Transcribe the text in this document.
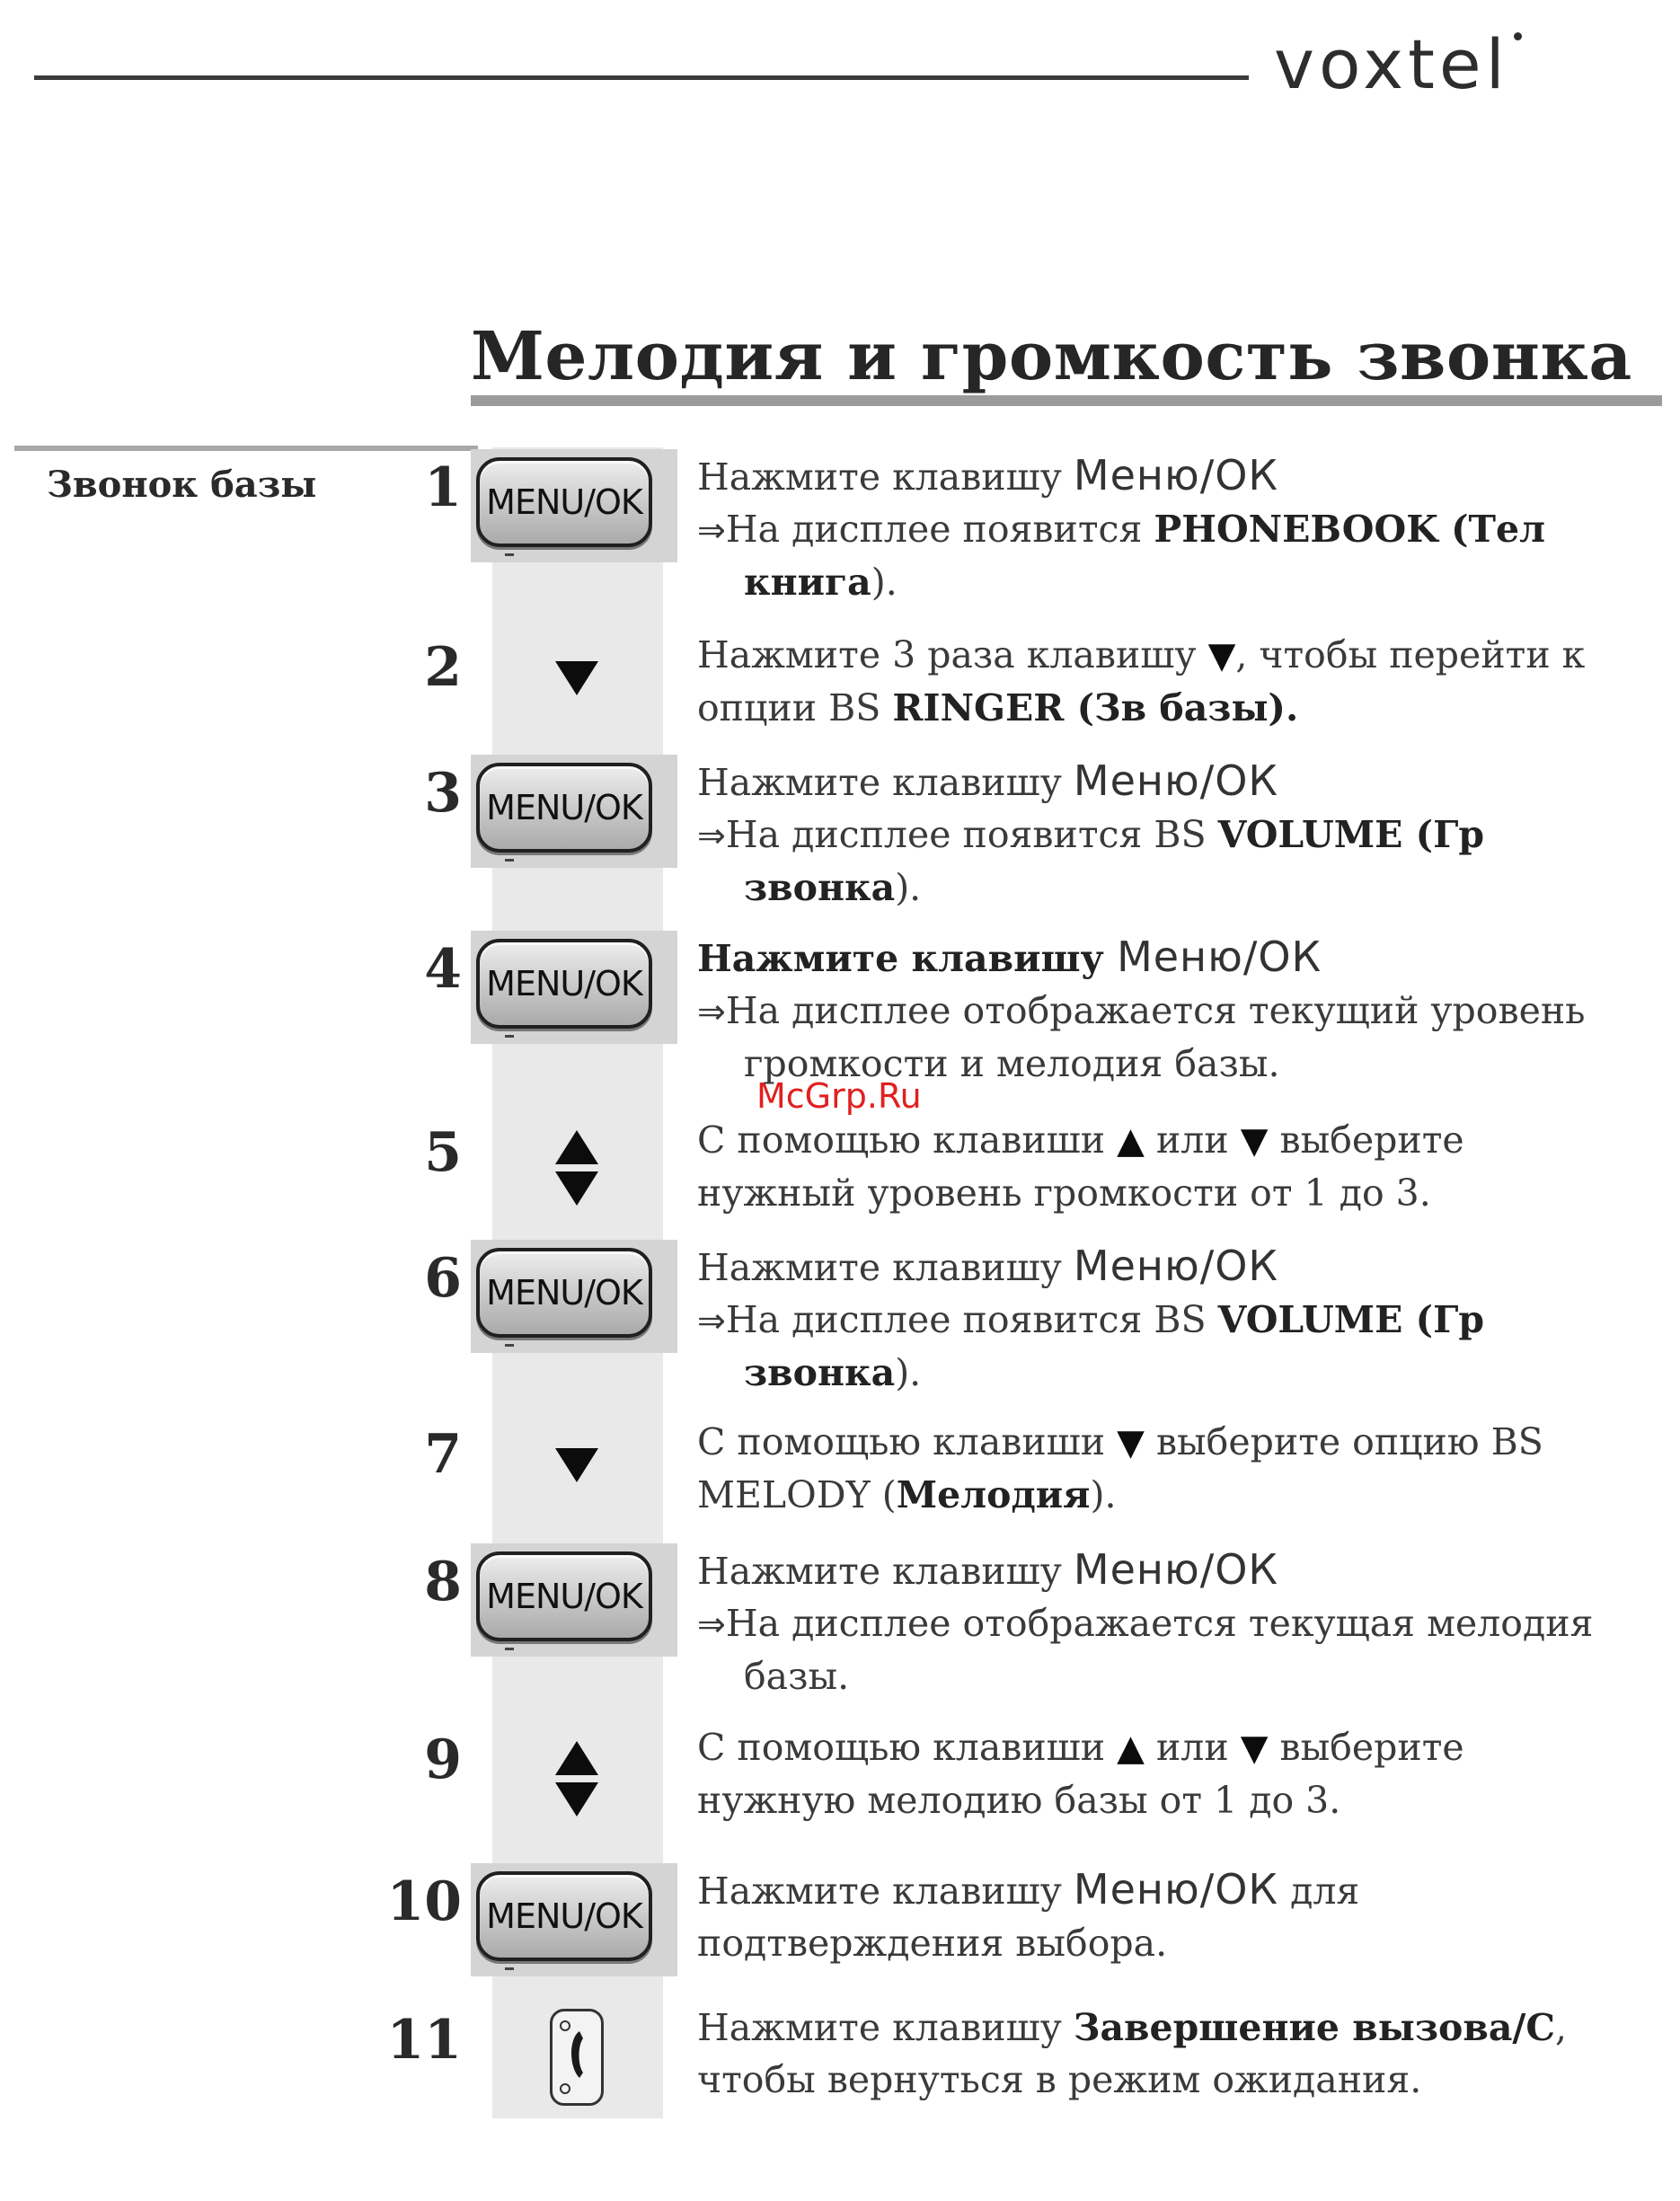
voxtel
Мелодия и громкость звонка
Звонок базы
McGrp.Ru
1 MENU/OK
Нажмите клавишу Меню/ОК
⇒На дисплее появится PHONEBOOK (Тел
книга).
2	Нажмите 3 раза клавишу ▼, чтобы перейти к
опции BS RINGER (Зв базы).
3 MENU/OK
Нажмите клавишу Меню/ОК
⇒На дисплее появится BS VOLUME (Гр
звонка).
4 MENU/OK
Нажмите клавишу Меню/ОК
⇒На дисплее отображается текущий уровень
громкости и мелодия базы.
5	С помощью клавиши ▲ или ▼ выберите
нужный уровень громкости от 1 до 3.
6 MENU/OK
Нажмите клавишу Меню/ОК
⇒На дисплее появится BS VOLUME (Гр
звонка).
7	С помощью клавиши ▼ выберите опцию BS
MELODY (Мелодия).
8 MENU/OK
Нажмите клавишу Меню/ОК
⇒На дисплее отображается текущая мелодия
базы.
9	С помощью клавиши ▲ или ▼ выберите
нужную мелодию базы от 1 до 3.
10 MENU/OK
Нажмите клавишу Меню/ОК для
подтверждения выбора.
11	Нажмите клавишу Завершение вызова/C,
чтобы вернуться в режим ожидания.
